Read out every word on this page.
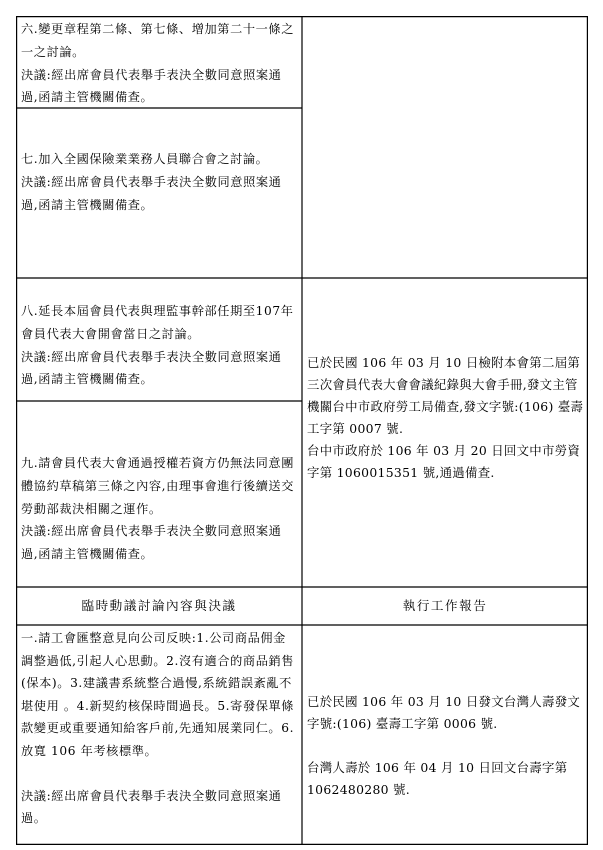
六.變更章程第二條、第七條、增加第二十一條之一之討論。

決議:經出席會員代表舉手表決全數同意照案通過,函請主管機關備查。

七.加入全國保險業業務人員聯合會之討論。

決議:經出席會員代表舉手表決全數同意照案通過,函請主管機關備查。

八.延長本屆會員代表與理監事幹部任期至107年會員代表大會開會當日之討論。

決議:經出席會員代表舉手表決全數同意照案通過,函請主管機關備查。

九.請會員代表大會通過授權若資方仍無法同意團體協約草稿第三條之內容,由理事會進行後續送交勞動部裁決相關之運作。

決議:經出席會員代表舉手表決全數同意照案通過,函請主管機關備查。

已於民國 106 年 03 月 10 日檢附本會第二屆第三次會員代表大會會議紀錄與大會手冊,發文主管機關台中市政府勞工局備查,發文字號:(106) 臺壽工字第 0007 號.

台中市政府於 106 年 03 月 20 日回文中市勞資字第 1060015351 號,通過備查.

臨時動議討論內容與決議	執行工作報告

一.請工會匯整意見向公司反映:1.公司商品佣金調整過低,引起人心思動。2.沒有適合的商品銷售(保本)。3.建議書系統整合過慢,系統錯誤紊亂不堪使用 。4.新契約核保時間過長。5.寄發保單條款變更或重要通知給客戶前,先通知展業同仁。6.放寬 106 年考核標準。

決議:經出席會員代表舉手表決全數同意照案通過。

已於民國 106 年 03 月 10 日發文台灣人壽發文字號:(106) 臺壽工字第 0006 號.

台灣人壽於 106 年 04 月 10 日回文台壽字第 1062480280 號.
